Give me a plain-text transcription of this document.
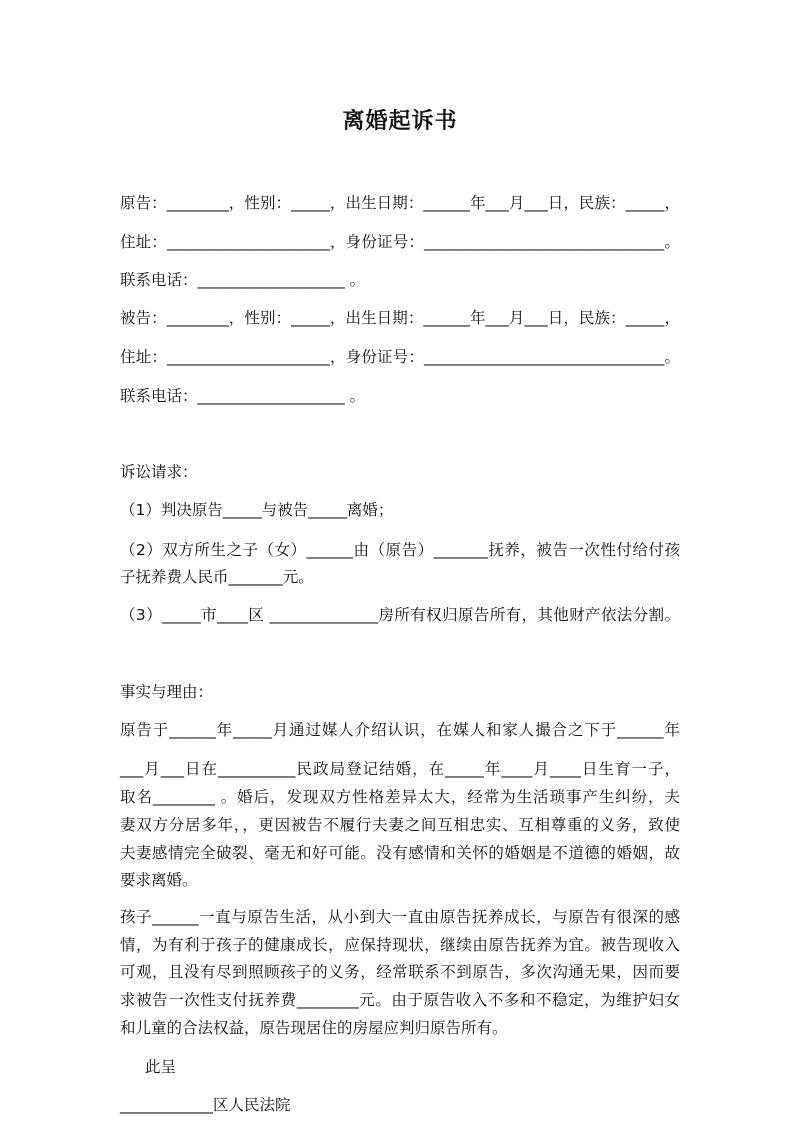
离婚起诉书
原告：________，性别：_____，出生日期：______年___月___日，民族：_____，
住址：_____________________，身份证号：_______________________________。
联系电话：___________________ 。
被告：________，性别：_____，出生日期：______年___月___日，民族：_____，
住址：_____________________，身份证号：_______________________________。
联系电话：___________________ 。
诉讼请求：
（1）判决原告_____与被告_____离婚；
（2）双方所生之子（女）______由（原告）_______抚养，被告一次性付给付孩
子抚养费人民币_______元。
（3）_____市____区 ______________房所有权归原告所有，其他财产依法分割。
事实与理由：
原告于______年_____月通过媒人介绍认识，在媒人和家人撮合之下于______年
___月___日在__________民政局登记结婚，在_____年____月____日生育一子，
取名________ 。婚后，发现双方性格差异太大，经常为生活琐事产生纠纷，夫
妻双方分居多年，，更因被告不履行夫妻之间互相忠实、互相尊重的义务，致使
夫妻感情完全破裂、毫无和好可能。没有感情和关怀的婚姻是不道德的婚姻，故
要求离婚。
孩子______一直与原告生活，从小到大一直由原告抚养成长，与原告有很深的感
情，为有利于孩子的健康成长，应保持现状，继续由原告抚养为宜。被告现收入
可观，且没有尽到照顾孩子的义务，经常联系不到原告，多次沟通无果，因而要
求被告一次性支付抚养费________元。由于原告收入不多和不稳定，为维护妇女
和儿童的合法权益，原告现居住的房屋应判归原告所有。
此呈
____________区人民法院
